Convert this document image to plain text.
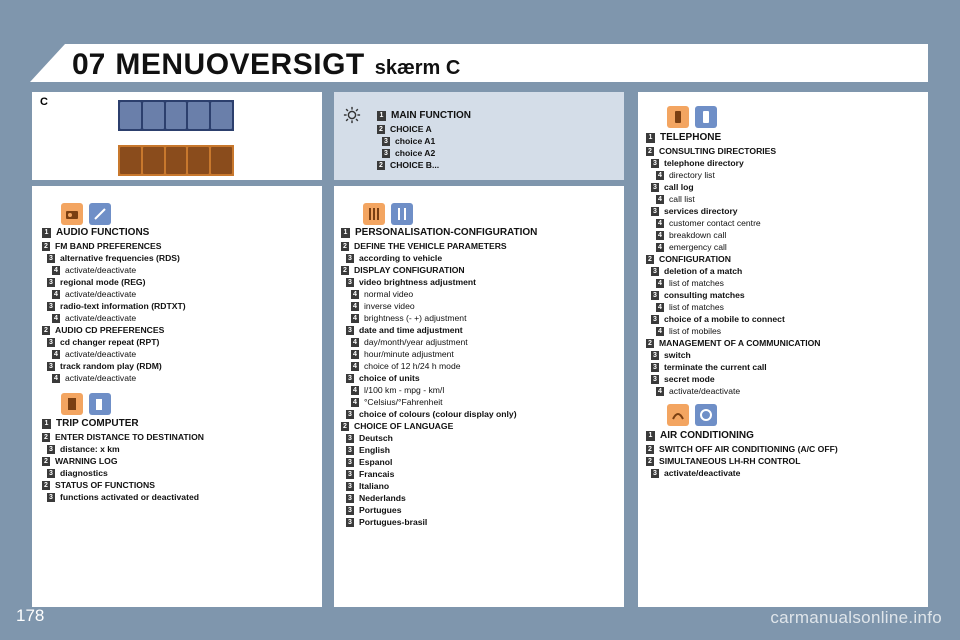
07 MENUOVERSIGT skærm C
C
1 MAIN FUNCTION
2 CHOICE A
3 choice A1
3 choice A2
2 CHOICE B...
1 AUDIO FUNCTIONS
2 FM BAND PREFERENCES
3 alternative frequencies (RDS)
4 activate/deactivate
3 regional mode (REG)
4 activate/deactivate
3 radio-text information (RDTXT)
4 activate/deactivate
2 AUDIO CD PREFERENCES
3 cd changer repeat (RPT)
4 activate/deactivate
3 track random play (RDM)
4 activate/deactivate
1 TRIP COMPUTER
2 ENTER DISTANCE TO DESTINATION
3 distance: x km
2 WARNING LOG
3 diagnostics
2 STATUS OF FUNCTIONS
3 functions activated or deactivated
1 PERSONALISATION-CONFIGURATION
2 DEFINE THE VEHICLE PARAMETERS
3 according to vehicle
2 DISPLAY CONFIGURATION
3 video brightness adjustment
4 normal video
4 inverse video
4 brightness (- +) adjustment
3 date and time adjustment
4 day/month/year adjustment
4 hour/minute adjustment
4 choice of 12 h/24 h mode
3 choice of units
4 l/100 km - mpg - km/l
4 °Celsius/°Fahrenheit
3 choice of colours (colour display only)
2 CHOICE OF LANGUAGE
3 Deutsch
3 English
3 Espanol
3 Francais
3 Italiano
3 Nederlands
3 Portugues
3 Portugues-brasil
1 TELEPHONE
2 CONSULTING DIRECTORIES
3 telephone directory
4 directory list
3 call log
4 call list
3 services directory
4 customer contact centre
4 breakdown call
4 emergency call
2 CONFIGURATION
3 deletion of a match
4 list of matches
3 consulting matches
4 list of matches
3 choice of a mobile to connect
4 list of mobiles
2 MANAGEMENT OF A COMMUNICATION
3 switch
3 terminate the current call
3 secret mode
4 activate/deactivate
1 AIR CONDITIONING
2 SWITCH OFF AIR CONDITIONING (A/C OFF)
2 SIMULTANEOUS LH-RH CONTROL
3 activate/deactivate
178	carmanualsonline.info
